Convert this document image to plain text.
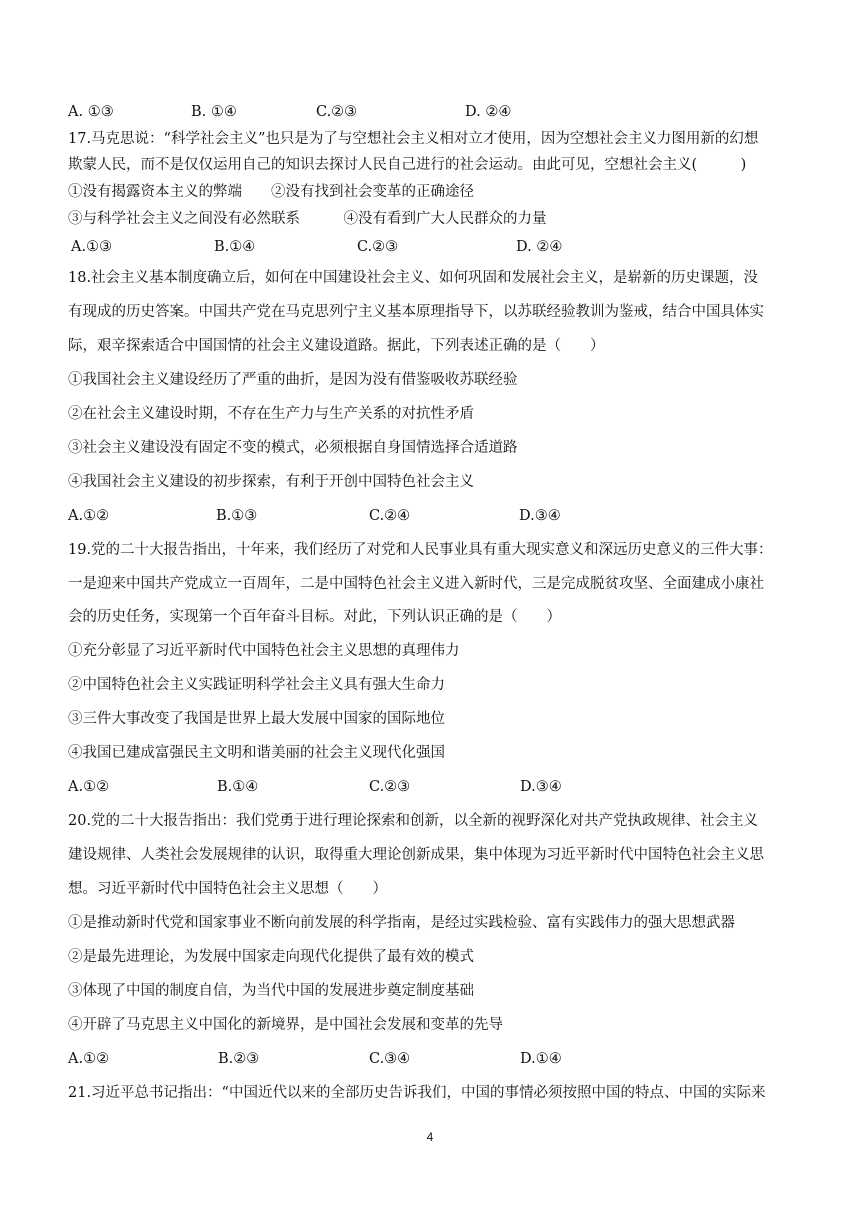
A. ①③	B. ①④	C.②③	D. ②④
17.马克思说：“科学社会主义”也只是为了与空想社会主义相对立才使用，因为空想社会主义力图用新的幻想
欺蒙人民，而不是仅仅运用自己的知识去探讨人民自己进行的社会运动。由此可见，空想社会主义(　　　)
①没有揭露资本主义的弊端　　②没有找到社会变革的正确途径
③与科学社会主义之间没有必然联系　　　④没有看到广大人民群众的力量
A.①③	B.①④	C.②③	D. ②④
18.社会主义基本制度确立后，如何在中国建设社会主义、如何巩固和发展社会主义，是崭新的历史课题，没
有现成的历史答案。中国共产党在马克思列宁主义基本原理指导下，以苏联经验教训为鉴戒，结合中国具体实
际，艰辛探索适合中国国情的社会主义建设道路。据此，下列表述正确的是（　　）
①我国社会主义建设经历了严重的曲折，是因为没有借鉴吸收苏联经验
②在社会主义建设时期，不存在生产力与生产关系的对抗性矛盾
③社会主义建设没有固定不变的模式，必须根据自身国情选择合适道路
④我国社会主义建设的初步探索，有利于开创中国特色社会主义
A.①②	B.①③	C.②④	D.③④
19.党的二十大报告指出，十年来，我们经历了对党和人民事业具有重大现实意义和深远历史意义的三件大事：
一是迎来中国共产党成立一百周年，二是中国特色社会主义进入新时代，三是完成脱贫攻坚、全面建成小康社
会的历史任务，实现第一个百年奋斗目标。对此，下列认识正确的是（　　）
①充分彰显了习近平新时代中国特色社会主义思想的真理伟力
②中国特色社会主义实践证明科学社会主义具有强大生命力
③三件大事改变了我国是世界上最大发展中国家的国际地位
④我国已建成富强民主文明和谐美丽的社会主义现代化强国
A.①②	B.①④	C.②③	D.③④
20.党的二十大报告指出：我们党勇于进行理论探索和创新，以全新的视野深化对共产党执政规律、社会主义
建设规律、人类社会发展规律的认识，取得重大理论创新成果，集中体现为习近平新时代中国特色社会主义思
想。习近平新时代中国特色社会主义思想（　　）
①是推动新时代党和国家事业不断向前发展的科学指南，是经过实践检验、富有实践伟力的强大思想武器
②是最先进理论，为发展中国家走向现代化提供了最有效的模式
③体现了中国的制度自信，为当代中国的发展进步奠定制度基础
④开辟了马克思主义中国化的新境界，是中国社会发展和变革的先导
A.①②	B.②③	C.③④	D.①④
21.习近平总书记指出：“中国近代以来的全部历史告诉我们，中国的事情必须按照中国的特点、中国的实际来
4
